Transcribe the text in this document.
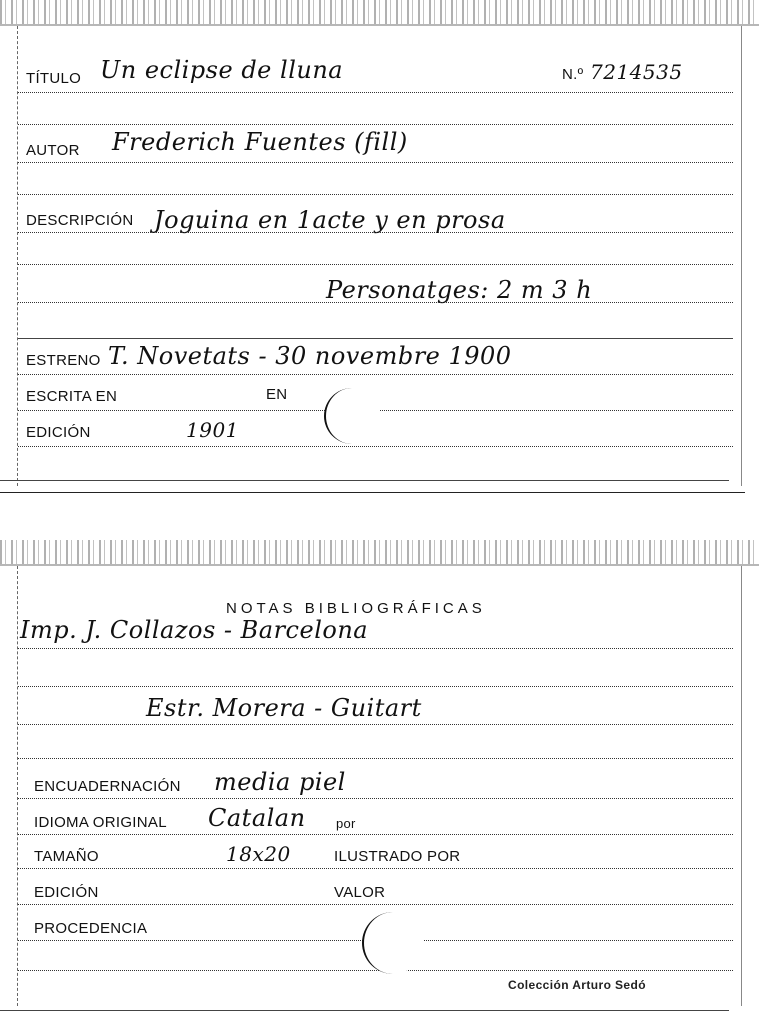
TÍTULO Un eclipse de lluna	N.º 7214535
AUTOR Frederich Fuentes (fill)
DESCRIPCIÓN Joguina en 1acte y en prosa
Personatges: 2 m 3 h
ESTRENO T. Novetats - 30 novembre 1900
ESCRITA EN	EN
EDICIÓN	1901
NOTAS BIBLIOGRÁFICAS
Imp. J. Collazos - Barcelona
Estr. Morera - Guitart
ENCUADERNACIÓN media piel
IDIOMA ORIGINAL Catalan por
TAMAÑO	18x20	ILUSTRADO POR
EDICIÓN	VALOR
PROCEDENCIA
Colección Arturo Sedó
